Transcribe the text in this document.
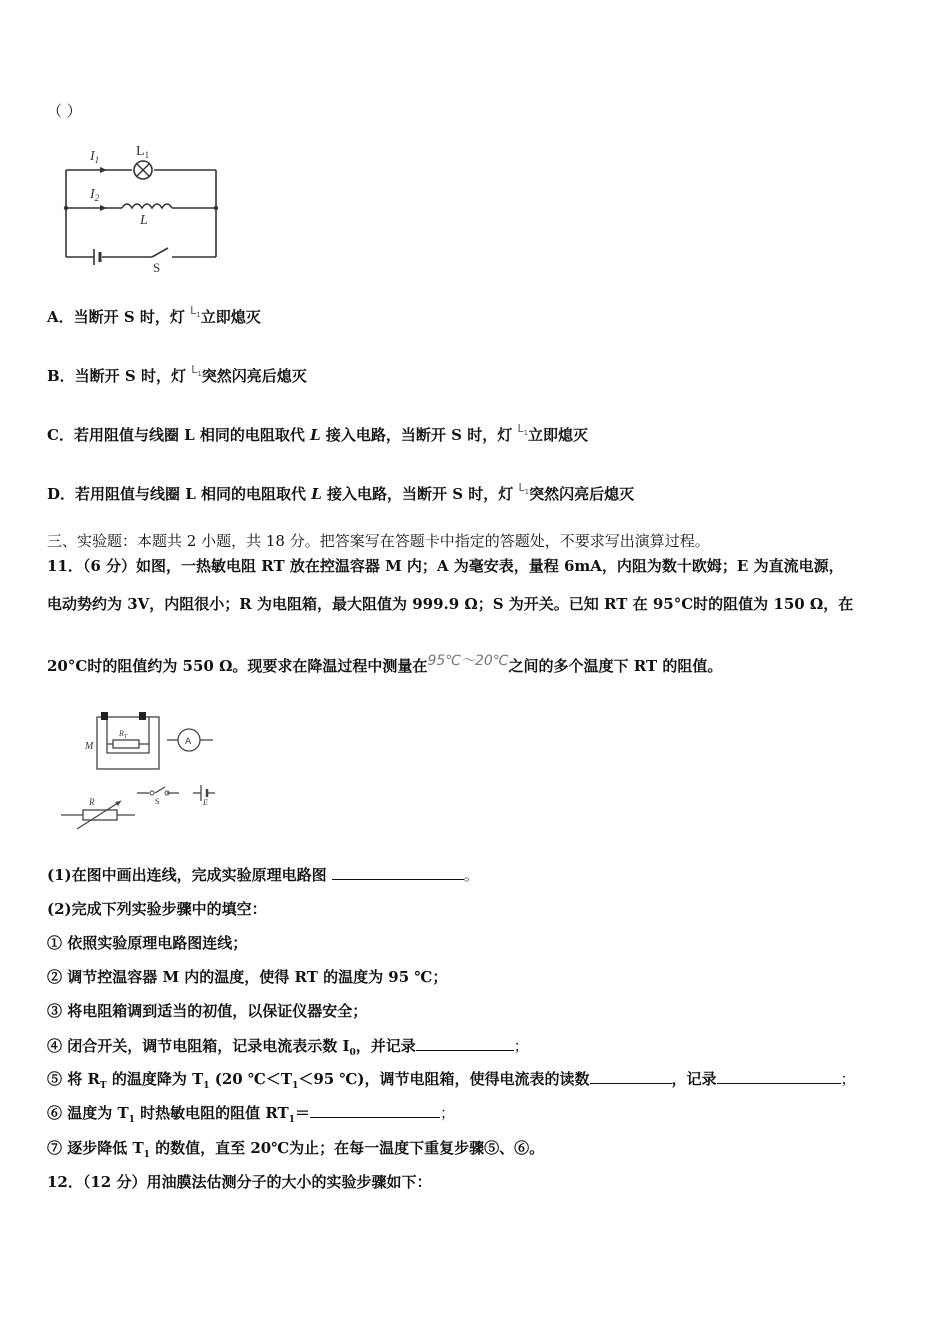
（ ）
$I_1$
$I_2$
$L_1$
L
S
A．当断开 S 时，灯 $^{L_1}$立即熄灭
B．当断开 S 时，灯 $^{L_1}$突然闪亮后熄灭
C．若用阻值与线圈 L 相同的电阻取代 L 接入电路，当断开 S 时，灯 $^{L_1}$立即熄灭
D．若用阻值与线圈 L 相同的电阻取代 L 接入电路，当断开 S 时，灯 $^{L_1}$突然闪亮后熄灭
三、实验题：本题共 2 小题，共 18 分。把答案写在答题卡中指定的答题处，不要求写出演算过程。
11．（6 分）如图，一热敏电阻 RT 放在控温容器 M 内；A 为毫安表，量程 6mA，内阻为数十欧姆；E 为直流电源，
电动势约为 3V，内阻很小；R 为电阻箱，最大阻值为 999.9 Ω；S 为开关。已知 RT 在 95°C时的阻值为 150 Ω，在
20°C时的阻值约为 550 Ω。现要求在降温过程中测量在95℃～20℃之间的多个温度下 RT 的阻值。
A
M
$R_T$
R	S	E
(1)在图中画出连线，完成实验原理电路图	。
(2)完成下列实验步骤中的填空：
① 依照实验原理电路图连线；
② 调节控温容器 M 内的温度，使得 RT 的温度为 95 ℃；
③ 将电阻箱调到适当的初值，以保证仪器安全；
④ 闭合开关，调节电阻箱，记录电流表示数 $I_0$，并记录	；
⑤ 将 $R_T$ 的温度降为 $T_1$ (20 $℃<T_1<95$ ℃)，调节电阻箱，使得电流表的读数	，记录	；
⑥ 温度为 $T_1$ 时热敏电阻的阻值 $RT_1=$	；
⑦ 逐步降低 $T_1$ 的数值，直至 20℃为止；在每一温度下重复步骤⑤、⑥。
12．（12 分）用油膜法估测分子的大小的实验步骤如下：
